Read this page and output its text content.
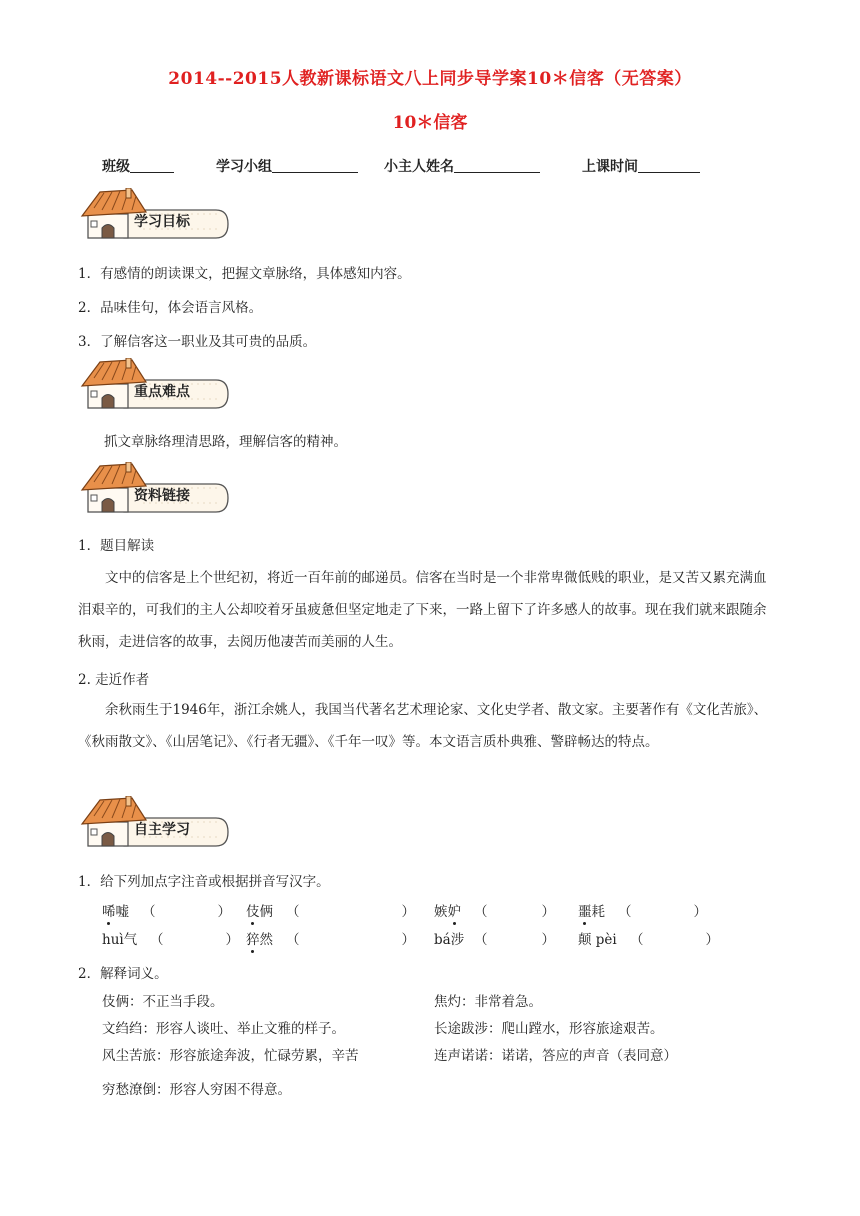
2014--2015人教新课标语文八上同步导学案10＊信客（无答案）
10＊信客
班级	学习小组	小主人姓名	上课时间
学习目标
1．有感情的朗读课文，把握文章脉络，具体感知内容。
2．品味佳句，体会语言风格。
3．了解信客这一职业及其可贵的品质。
重点难点
抓文章脉络理清思路，理解信客的精神。
资料链接
1．题目解读
文中的信客是上个世纪初，将近一百年前的邮递员。信客在当时是一个非常卑微低贱的职业，是又苦又累充满血泪艰辛的，可我们的主人公却咬着牙虽疲惫但坚定地走了下来，一路上留下了许多感人的故事。现在我们就来跟随余秋雨，走进信客的故事，去阅历他凄苦而美丽的人生。
2. 走近作者
余秋雨生于1946年，浙江余姚人，我国当代著名艺术理论家、文化史学者、散文家。主要著作有《文化苦旅》、《秋雨散文》、《山居笔记》、《行者无疆》、《千年一叹》等。本文语言质朴典雅、警辟畅达的特点。
自主学习
1．给下列加点字注音或根据拼音写汉字。
唏嘘 （	） 伎俩 （	） 嫉妒 （	） 噩耗 （	）
huì气 （	） 猝然 （	） bá涉 （	） 颠 pèi （	）
2．解释词义。
伎俩：不正当手段。	焦灼：非常着急。
文绉绉：形容人谈吐、举止文雅的样子。	长途跋涉：爬山蹚水，形容旅途艰苦。
风尘苦旅：形容旅途奔波，忙碌劳累，辛苦	连声诺诺：诺诺，答应的声音（表同意）
穷愁潦倒：形容人穷困不得意。
